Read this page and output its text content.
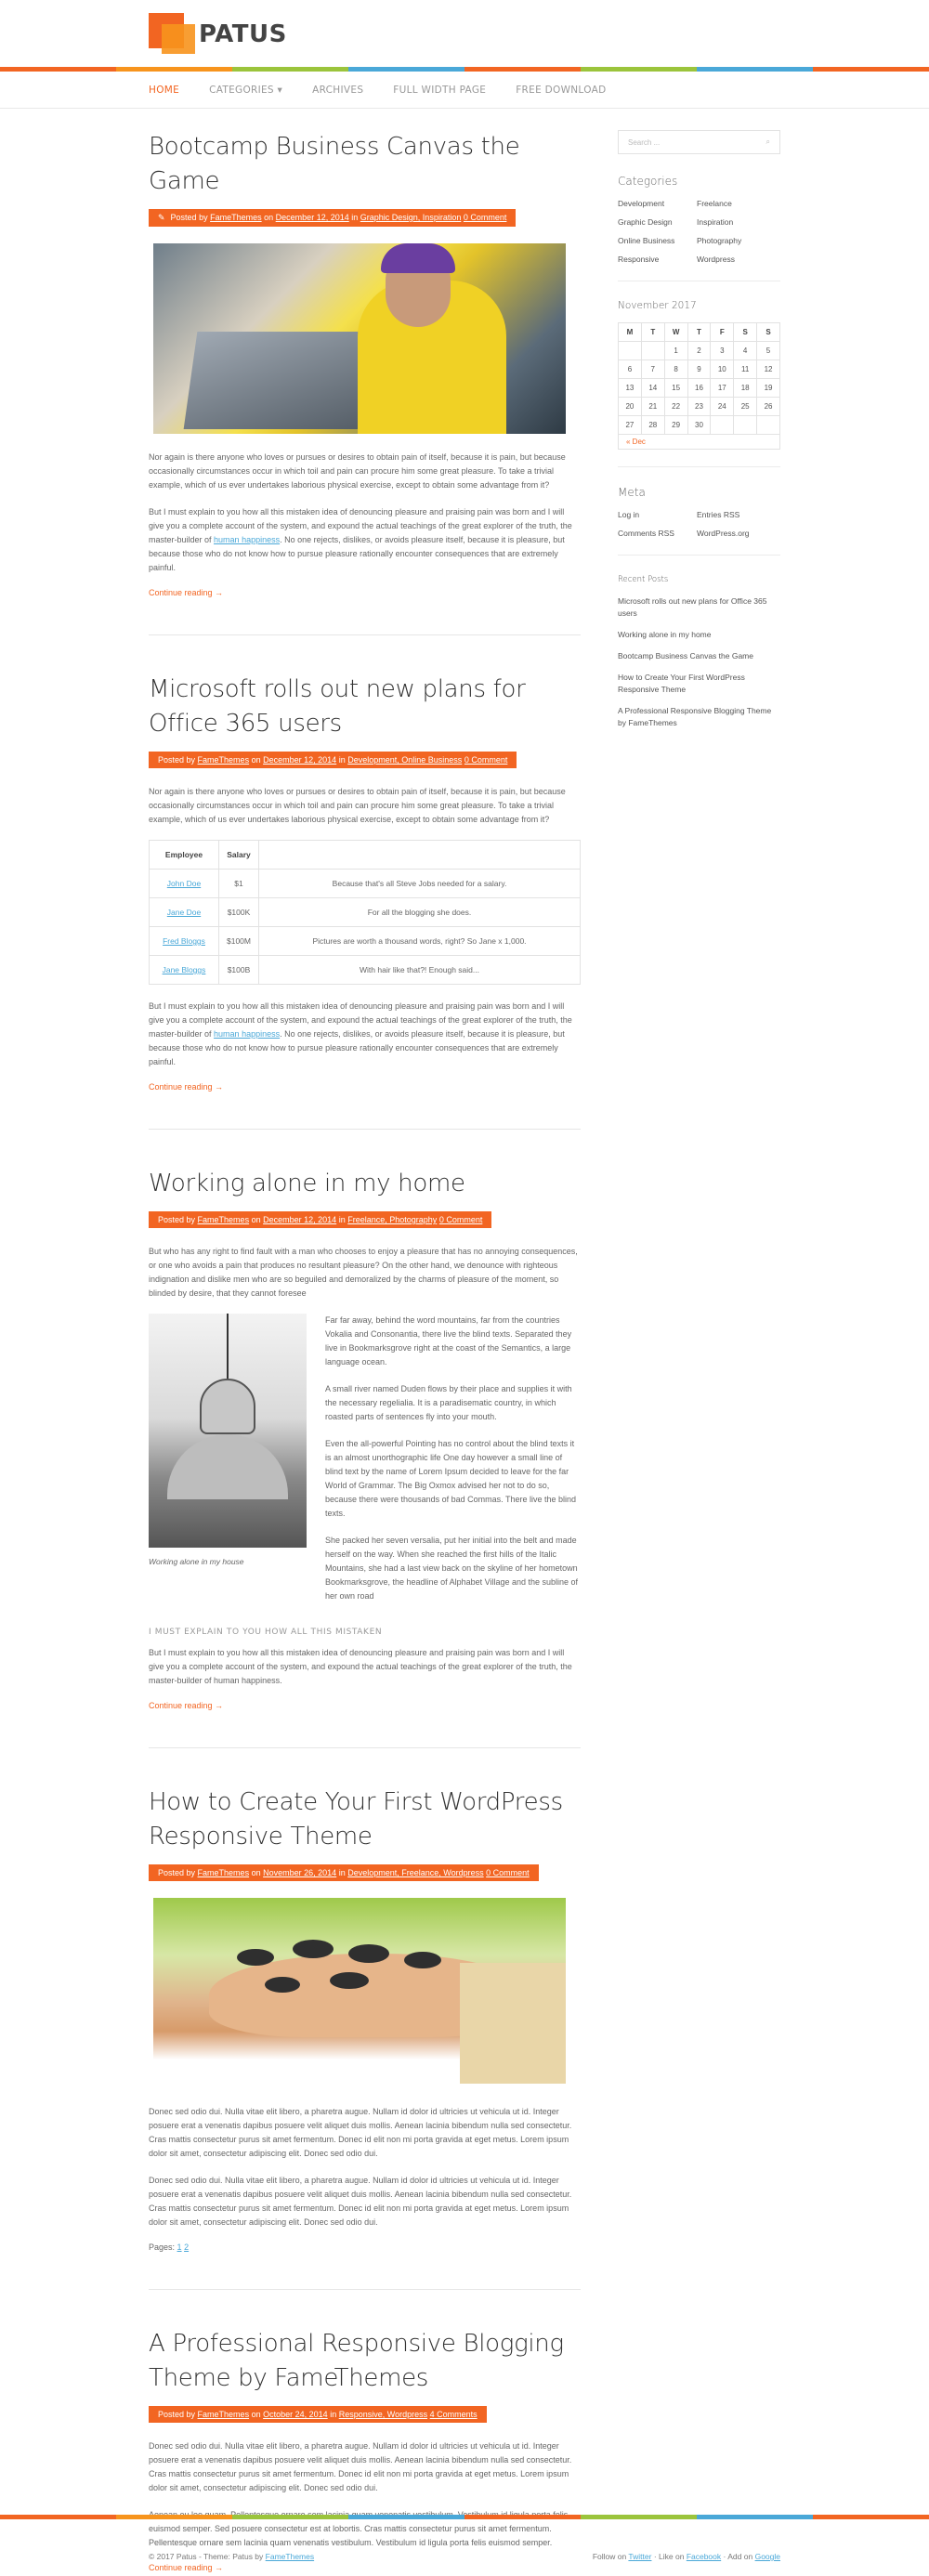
PATUS
HOME	CATEGORIES ▾	ARCHIVES	FULL WIDTH PAGE	FREE DOWNLOAD
Bootcamp Business Canvas the Game
✎ Posted by FameThemes on December 12, 2014 in Graphic Design, Inspiration 0 Comment

Nor again is there anyone who loves or pursues or desires to obtain pain of itself, because it is pain, but because occasionally circumstances occur in which toil and pain can procure him some great pleasure. To take a trivial example, which of us ever undertakes laborious physical exercise, except to obtain some advantage from it?

But I must explain to you how all this mistaken idea of denouncing pleasure and praising pain was born and I will give you a complete account of the system, and expound the actual teachings of the great explorer of the truth, the master-builder of human happiness. No one rejects, dislikes, or avoids pleasure itself, because it is pleasure, but because those who do not know how to pursue pleasure rationally encounter consequences that are extremely painful.

Continue reading →
Microsoft rolls out new plans for Office 365 users
Posted by FameThemes on December 12, 2014 in Development, Online Business 0 Comment

Nor again is there anyone who loves or pursues or desires to obtain pain of itself, because it is pain, but because occasionally circumstances occur in which toil and pain can procure him some great pleasure. To take a trivial example, which of us ever undertakes laborious physical exercise, except to obtain some advantage from it?

Employee	Salary	
John Doe	$1	Because that's all Steve Jobs needed for a salary.
Jane Doe	$100K	For all the blogging she does.
Fred Bloggs	$100M	Pictures are worth a thousand words, right? So Jane x 1,000.
Jane Bloggs	$100B	With hair like that?! Enough said...

But I must explain to you how all this mistaken idea of denouncing pleasure and praising pain was born and I will give you a complete account of the system, and expound the actual teachings of the great explorer of the truth, the master-builder of human happiness. No one rejects, dislikes, or avoids pleasure itself, because it is pleasure, but because those who do not know how to pursue pleasure rationally encounter consequences that are extremely painful.

Continue reading →
Working alone in my home
Posted by FameThemes on December 12, 2014 in Freelance, Photography 0 Comment

But who has any right to find fault with a man who chooses to enjoy a pleasure that has no annoying consequences, or one who avoids a pain that produces no resultant pleasure? On the other hand, we denounce with righteous indignation and dislike men who are so beguiled and demoralized by the charms of pleasure of the moment, so blinded by desire, that they cannot foresee

Working alone in my house

Far far away, behind the word mountains, far from the countries Vokalia and Consonantia, there live the blind texts. Separated they live in Bookmarksgrove right at the coast of the Semantics, a large language ocean.

A small river named Duden flows by their place and supplies it with the necessary regelialia. It is a paradisematic country, in which roasted parts of sentences fly into your mouth.

Even the all-powerful Pointing has no control about the blind texts it is an almost unorthographic life One day however a small line of blind text by the name of Lorem Ipsum decided to leave for the far World of Grammar. The Big Oxmox advised her not to do so, because there were thousands of bad Commas. There live the blind texts.

She packed her seven versalia, put her initial into the belt and made herself on the way. When she reached the first hills of the Italic Mountains, she had a last view back on the skyline of her hometown Bookmarksgrove, the headline of Alphabet Village and the subline of her own road

I MUST EXPLAIN TO YOU HOW ALL THIS MISTAKEN

But I must explain to you how all this mistaken idea of denouncing pleasure and praising pain was born and I will give you a complete account of the system, and expound the actual teachings of the great explorer of the truth, the master-builder of human happiness.

Continue reading →
How to Create Your First WordPress Responsive Theme
Posted by FameThemes on November 26, 2014 in Development, Freelance, Wordpress 0 Comment

Donec sed odio dui. Nulla vitae elit libero, a pharetra augue. Nullam id dolor id ultricies ut vehicula ut id. Integer posuere erat a venenatis dapibus posuere velit aliquet duis mollis. Aenean lacinia bibendum nulla sed consectetur. Cras mattis consectetur purus sit amet fermentum. Donec id elit non mi porta gravida at eget metus. Lorem ipsum dolor sit amet, consectetur adipiscing elit. Donec sed odio dui.

Donec sed odio dui. Nulla vitae elit libero, a pharetra augue. Nullam id dolor id ultricies ut vehicula ut id. Integer posuere erat a venenatis dapibus posuere velit aliquet duis mollis. Aenean lacinia bibendum nulla sed consectetur. Cras mattis consectetur purus sit amet fermentum. Donec id elit non mi porta gravida at eget metus. Lorem ipsum dolor sit amet, consectetur adipiscing elit. Donec sed odio dui.

Pages: 1 2
A Professional Responsive Blogging Theme by FameThemes
Posted by FameThemes on October 24, 2014 in Responsive, Wordpress 4 Comments

Donec sed odio dui. Nulla vitae elit libero, a pharetra augue. Nullam id dolor id ultricies ut vehicula ut id. Integer posuere erat a venenatis dapibus posuere velit aliquet duis mollis. Aenean lacinia bibendum nulla sed consectetur. Cras mattis consectetur purus sit amet fermentum. Donec id elit non mi porta gravida at eget metus. Lorem ipsum dolor sit amet, consectetur adipiscing elit. Donec sed odio dui.

euismod semper. Sed posuere consectetur est at lobortis. Cras mattis consectetur purus sit amet fermentum. Pellentesque ornare sem lacinia quam venenatis vestibulum. Vestibulum id ligula porta felis euismod semper.

Continue reading →
Search ...	⌕
Categories
Development	Freelance
Graphic Design	Inspiration
Online Business	Photography
Responsive	Wordpress
November 2017
M	T	W	T	F	S	S
		1	2	3	4	5
6	7	8	9	10	11	12
13	14	15	16	17	18	19
20	21	22	23	24	25	26
27	28	29	30			
« Dec
Meta
Log in	Entries RSS
Comments RSS	WordPress.org
Recent Posts
Microsoft rolls out new plans for Office 365 users
Working alone in my home
Bootcamp Business Canvas the Game
How to Create Your First WordPress Responsive Theme
A Professional Responsive Blogging Theme by FameThemes
© 2017 Patus - Theme: Patus by FameThemes	Follow on Twitter · Like on Facebook · Add on Google
